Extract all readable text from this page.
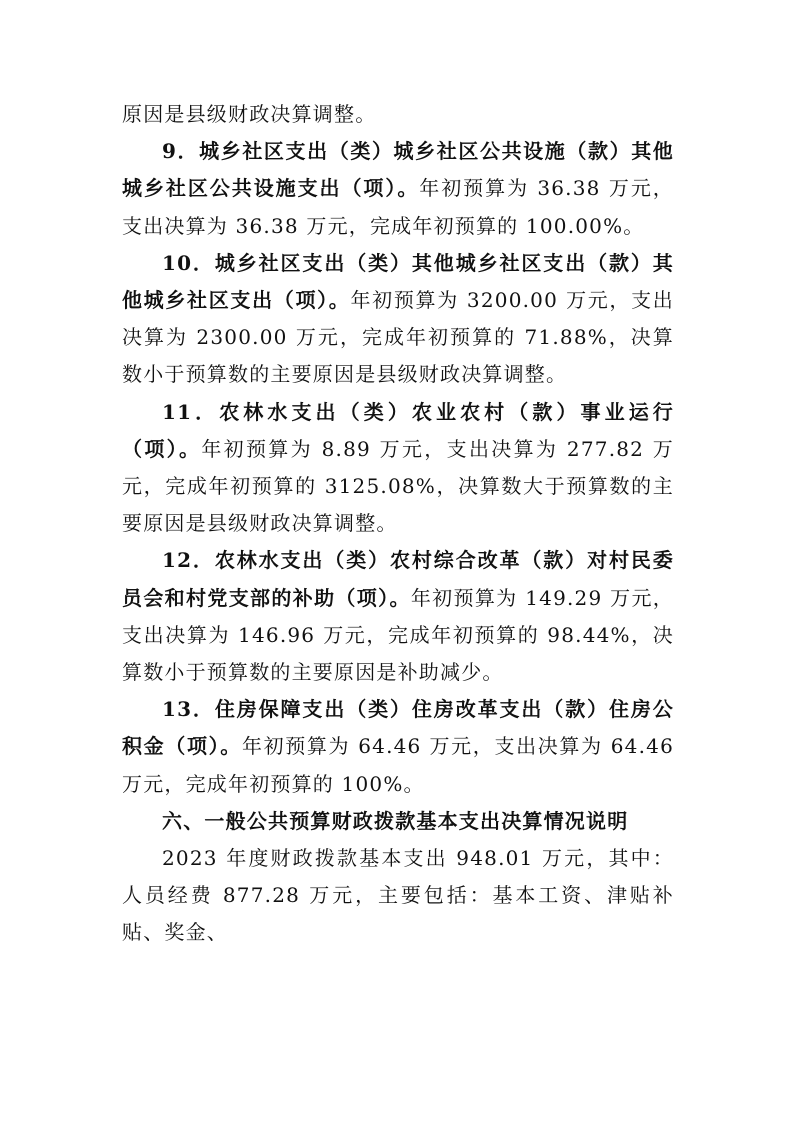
原因是县级财政决算调整。

9．城乡社区支出（类）城乡社区公共设施（款）其他城乡社区公共设施支出（项）。年初预算为 36.38 万元，支出决算为 36.38 万元，完成年初预算的 100.00%。

10．城乡社区支出（类）其他城乡社区支出（款）其他城乡社区支出（项）。年初预算为 3200.00 万元，支出决算为 2300.00 万元，完成年初预算的 71.88%，决算数小于预算数的主要原因是县级财政决算调整。

11．农林水支出（类）农业农村（款）事业运行（项）。年初预算为 8.89 万元，支出决算为 277.82 万元，完成年初预算的 3125.08%，决算数大于预算数的主要原因是县级财政决算调整。

12．农林水支出（类）农村综合改革（款）对村民委员会和村党支部的补助（项）。年初预算为 149.29 万元，支出决算为 146.96 万元，完成年初预算的 98.44%，决算数小于预算数的主要原因是补助减少。

13．住房保障支出（类）住房改革支出（款）住房公积金（项）。年初预算为 64.46 万元，支出决算为 64.46 万元，完成年初预算的 100%。

六、一般公共预算财政拨款基本支出决算情况说明

2023 年度财政拨款基本支出 948.01 万元，其中：人员经费 877.28 万元，主要包括：基本工资、津贴补贴、奖金、
